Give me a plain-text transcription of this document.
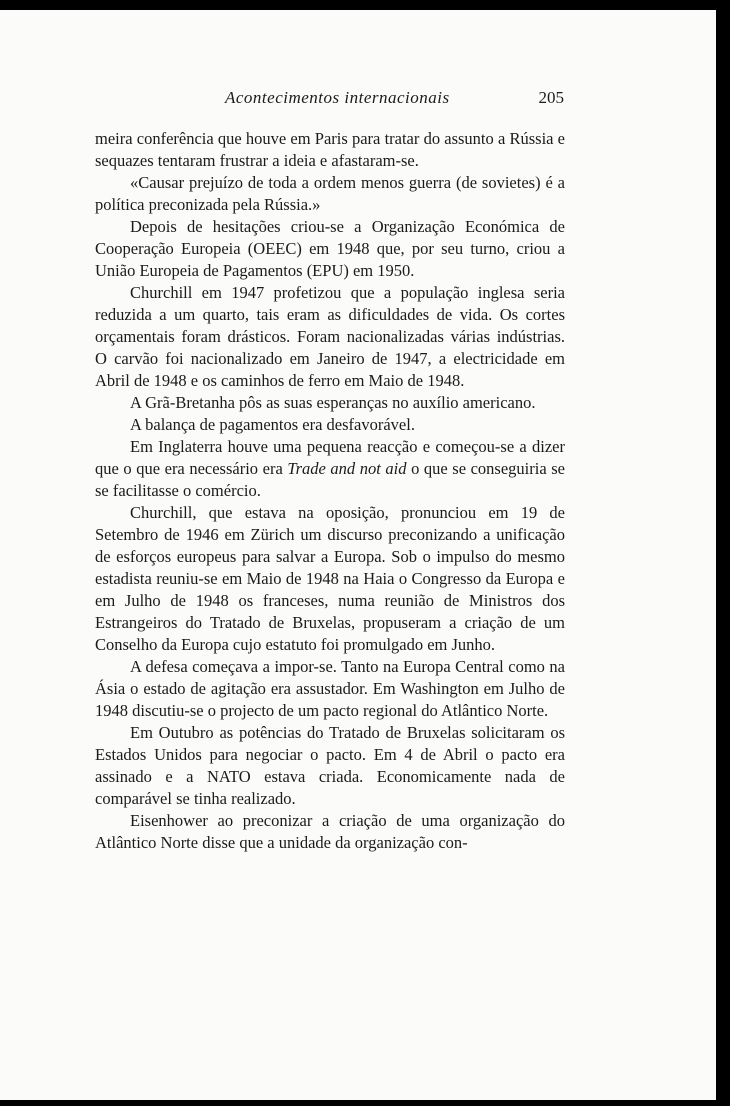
Acontecimentos internacionais	205

meira conferência que houve em Paris para tratar do assunto a Rússia e sequazes tentaram frustrar a ideia e afastaram-se.

«Causar prejuízo de toda a ordem menos guerra (de sovietes) é a política preconizada pela Rússia.»

Depois de hesitações criou-se a Organização Económica de Cooperação Europeia (OEEC) em 1948 que, por seu turno, criou a União Europeia de Pagamentos (EPU) em 1950.

Churchill em 1947 profetizou que a população inglesa seria reduzida a um quarto, tais eram as dificuldades de vida. Os cortes orçamentais foram drásticos. Foram nacionalizadas várias indústrias. O carvão foi nacionalizado em Janeiro de 1947, a electricidade em Abril de 1948 e os caminhos de ferro em Maio de 1948.

A Grã-Bretanha pôs as suas esperanças no auxílio americano.

A balança de pagamentos era desfavorável.

Em Inglaterra houve uma pequena reacção e começou-se a dizer que o que era necessário era Trade and not aid o que se conseguiria se se facilitasse o comércio.

Churchill, que estava na oposição, pronunciou em 19 de Setembro de 1946 em Zürich um discurso preconizando a unificação de esforços europeus para salvar a Europa. Sob o impulso do mesmo estadista reuniu-se em Maio de 1948 na Haia o Congresso da Europa e em Julho de 1948 os franceses, numa reunião de Ministros dos Estrangeiros do Tratado de Bruxelas, propuseram a criação de um Conselho da Europa cujo estatuto foi promulgado em Junho.

A defesa começava a impor-se. Tanto na Europa Central como na Ásia o estado de agitação era assustador. Em Washington em Julho de 1948 discutiu-se o projecto de um pacto regional do Atlântico Norte.

Em Outubro as potências do Tratado de Bruxelas solicitaram os Estados Unidos para negociar o pacto. Em 4 de Abril o pacto era assinado e a NATO estava criada. Economicamente nada de comparável se tinha realizado.

Eisenhower ao preconizar a criação de uma organização do Atlântico Norte disse que a unidade da organização con-
